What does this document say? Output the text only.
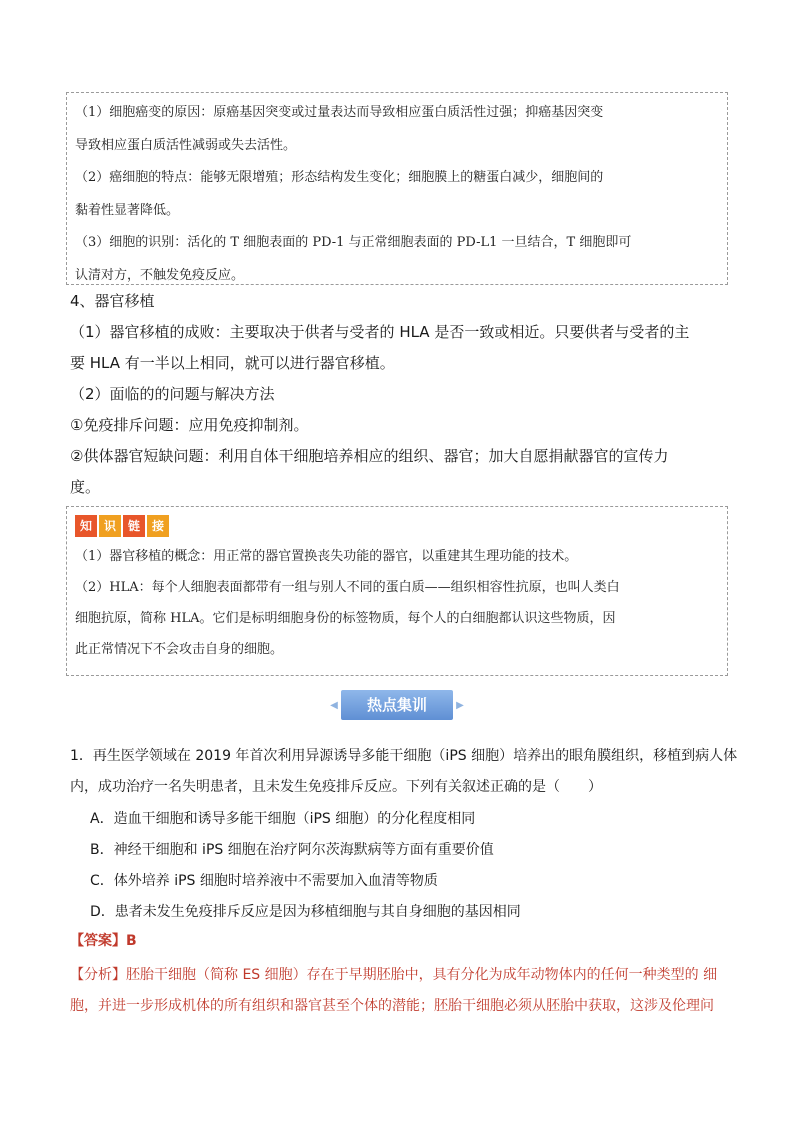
（1）细胞癌变的原因：原癌基因突变或过量表达而导致相应蛋白质活性过强；抑癌基因突变
导致相应蛋白质活性减弱或失去活性。
（2）癌细胞的特点：能够无限增殖；形态结构发生变化；细胞膜上的糖蛋白减少，细胞间的
黏着性显著降低。
（3）细胞的识别：活化的 T 细胞表面的 PD-1 与正常细胞表面的 PD-L1 一旦结合，T 细胞即可
认清对方，不触发免疫反应。
4、器官移植
（1）器官移植的成败：主要取决于供者与受者的 HLA 是否一致或相近。只要供者与受者的主
要 HLA 有一半以上相同，就可以进行器官移植。
（2）面临的的问题与解决方法
①免疫排斥问题：应用免疫抑制剂。
②供体器官短缺问题：利用自体干细胞培养相应的组织、器官；加大自愿捐献器官的宣传力
度。
知 识 链 接
（1）器官移植的概念：用正常的器官置换丧失功能的器官，以重建其生理功能的技术。
（2）HLA：每个人细胞表面都带有一组与别人不同的蛋白质——组织相容性抗原，也叫人类白
细胞抗原，简称 HLA。它们是标明细胞身份的标签物质，每个人的白细胞都认识这些物质，因
此正常情况下不会攻击自身的细胞。
◀	热点集训	▶
1．再生医学领域在 2019 年首次利用异源诱导多能干细胞（iPS 细胞）培养出的眼角膜组织，移植到病人体
内，成功治疗一名失明患者，且未发生免疫排斥反应。下列有关叙述正确的是（　　）
A．造血干细胞和诱导多能干细胞（iPS 细胞）的分化程度相同
B．神经干细胞和 iPS 细胞在治疗阿尔茨海默病等方面有重要价值
C．体外培养 iPS 细胞时培养液中不需要加入血清等物质
D．患者未发生免疫排斥反应是因为移植细胞与其自身细胞的基因相同
【答案】B
【分析】胚胎干细胞（简称 ES 细胞）存在于早期胚胎中，具有分化为成年动物体内的任何一种类型的 细
胞，并进一步形成机体的所有组织和器官甚至个体的潜能；胚胎干细胞必须从胚胎中获取，这涉及伦理问
